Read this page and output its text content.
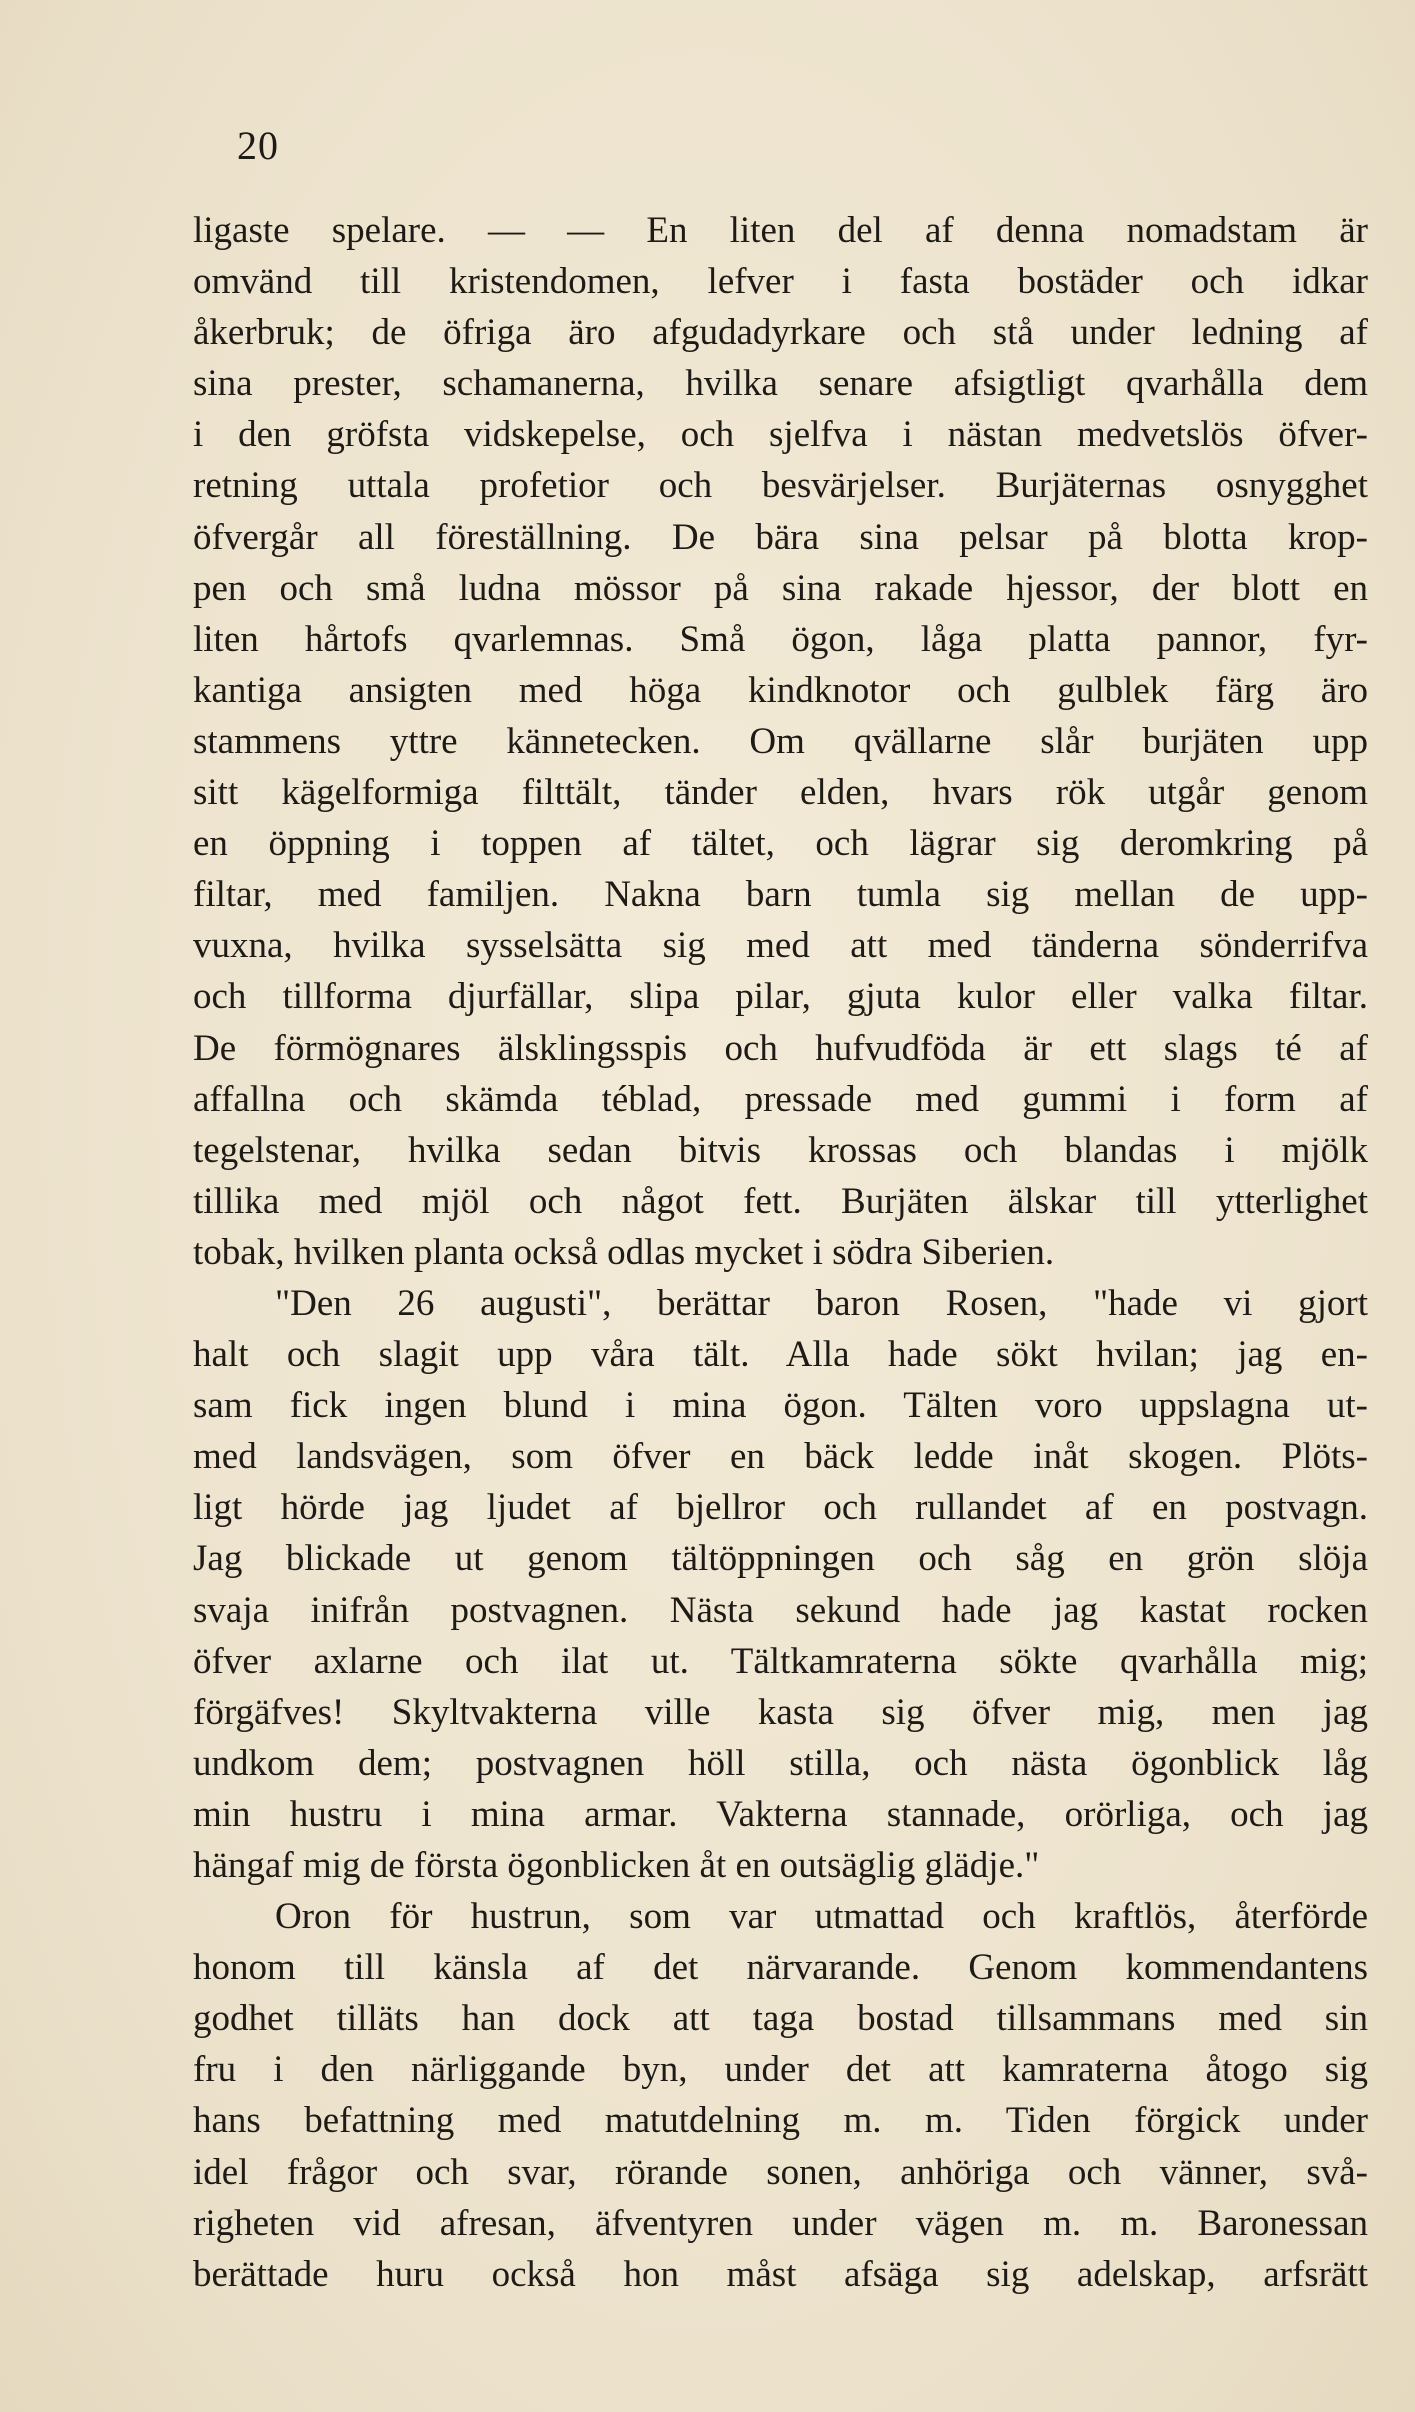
20
ligaste spelare. — — En liten del af denna nomadstam är
omvänd till kristendomen, lefver i fasta bostäder och idkar
åkerbruk; de öfriga äro afgudadyrkare och stå under ledning af
sina prester, schamanerna, hvilka senare afsigtligt qvarhålla dem
i den gröfsta vidskepelse, och sjelfva i nästan medvetslös öfver-
retning uttala profetior och besvärjelser. Burjäternas osnygghet
öfvergår all föreställning. De bära sina pelsar på blotta krop-
pen och små ludna mössor på sina rakade hjessor, der blott en
liten hårtofs qvarlemnas. Små ögon, låga platta pannor, fyr-
kantiga ansigten med höga kindknotor och gulblek färg äro
stammens yttre kännetecken. Om qvällarne slår burjäten upp
sitt kägelformiga filttält, tänder elden, hvars rök utgår genom
en öppning i toppen af tältet, och lägrar sig deromkring på
filtar, med familjen. Nakna barn tumla sig mellan de upp-
vuxna, hvilka sysselsätta sig med att med tänderna sönderrifva
och tillforma djurfällar, slipa pilar, gjuta kulor eller valka filtar.
De förmögnares älsklingsspis och hufvudföda är ett slags té af
affallna och skämda téblad, pressade med gummi i form af
tegelstenar, hvilka sedan bitvis krossas och blandas i mjölk
tillika med mjöl och något fett. Burjäten älskar till ytterlighet
tobak, hvilken planta också odlas mycket i södra Siberien.
"Den 26 augusti", berättar baron Rosen, "hade vi gjort
halt och slagit upp våra tält. Alla hade sökt hvilan; jag en-
sam fick ingen blund i mina ögon. Tälten voro uppslagna ut-
med landsvägen, som öfver en bäck ledde inåt skogen. Plöts-
ligt hörde jag ljudet af bjellror och rullandet af en postvagn.
Jag blickade ut genom tältöppningen och såg en grön slöja
svaja inifrån postvagnen. Nästa sekund hade jag kastat rocken
öfver axlarne och ilat ut. Tältkamraterna sökte qvarhålla mig;
förgäfves! Skyltvakterna ville kasta sig öfver mig, men jag
undkom dem; postvagnen höll stilla, och nästa ögonblick låg
min hustru i mina armar. Vakterna stannade, orörliga, och jag
hängaf mig de första ögonblicken åt en outsäglig glädje."
Oron för hustrun, som var utmattad och kraftlös, återförde
honom till känsla af det närvarande. Genom kommendantens
godhet tilläts han dock att taga bostad tillsammans med sin
fru i den närliggande byn, under det att kamraterna åtogo sig
hans befattning med matutdelning m. m. Tiden förgick under
idel frågor och svar, rörande sonen, anhöriga och vänner, svå-
righeten vid afresan, äfventyren under vägen m. m. Baronessan
berättade huru också hon måst afsäga sig adelskap, arfsrätt
